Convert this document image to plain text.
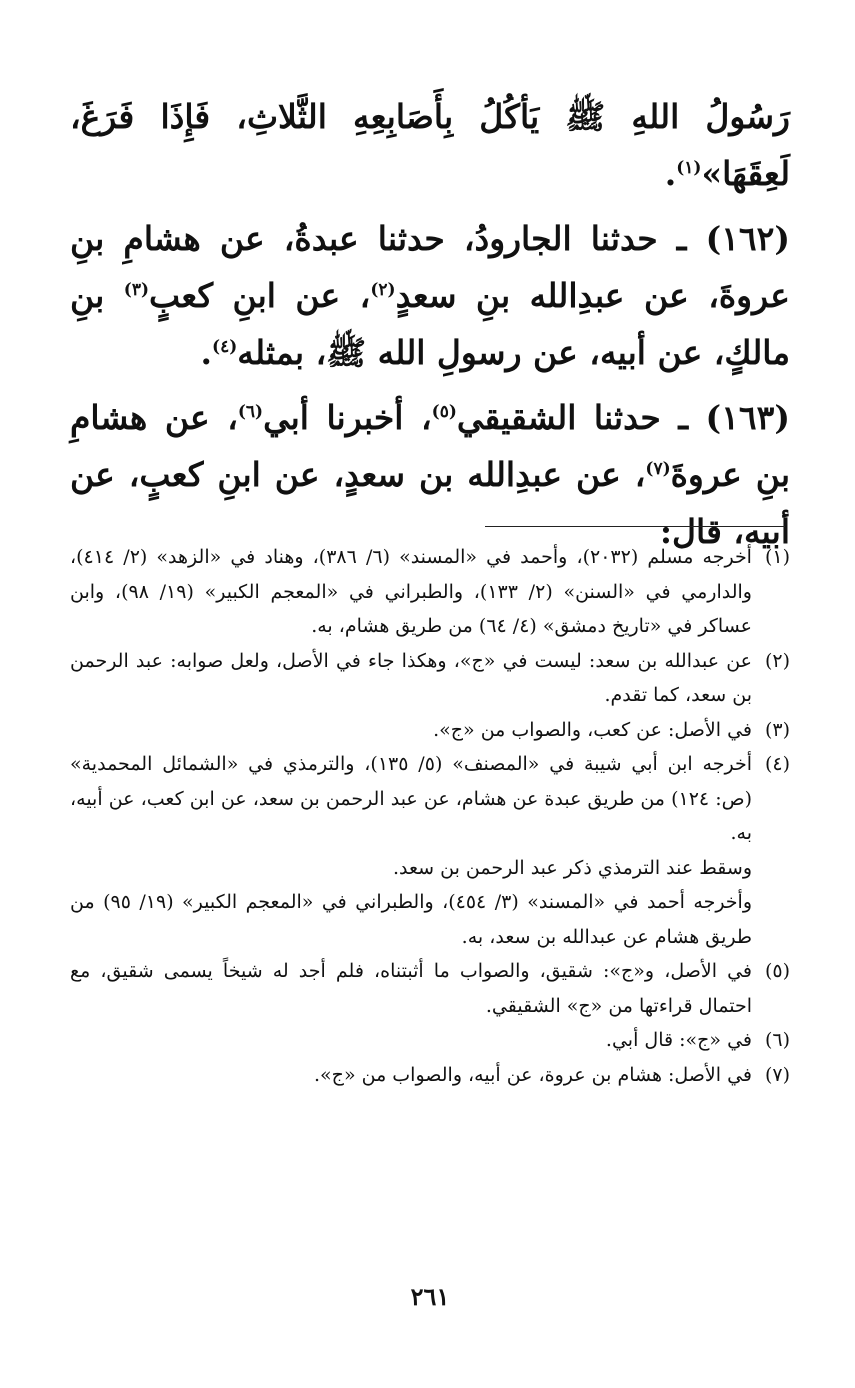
رَسُولُ اللهِ ﷺ يَأكُلُ بِأَصَابِعِهِ الثَّلاثِ، فَإِذَا فَرَغَ، لَعِقَهَا»$^{(١)}$.

(١٦٢) ـ حدثنا الجارودُ، حدثنا عبدةُ، عن هشامِ بنِ عروةَ، عن عبدِالله بنِ سعدٍ$^{(٢)}$، عن ابنِ كعبٍ$^{(٣)}$ بنِ مالكٍ، عن أبيه، عن رسولِ الله ﷺ، بمثله$^{(٤)}$.

(١٦٣) ـ حدثنا الشقيقي$^{(٥)}$، أخبرنا أبي$^{(٦)}$، عن هشامِ بنِ عروةَ$^{(٧)}$، عن عبدِالله بن سعدٍ، عن ابنِ كعبٍ، عن أبيه، قال:

(١)

أخرجه مسلم (٢٠٣٢)، وأحمد في «المسند» (٦/ ٣٨٦)، وهناد في «الزهد» (٢/ ٤١٤)، والدارمي في «السنن» (٢/ ١٣٣)، والطبراني في «المعجم الكبير» (١٩/ ٩٨)، وابن عساكر في «تاريخ دمشق» (٤/ ٦٤) من طريق هشام، به.

(٢)

عن عبدالله بن سعد: ليست في «ج»، وهكذا جاء في الأصل، ولعل صوابه: عبد الرحمن بن سعد، كما تقدم.

(٣)

في الأصل: عن كعب، والصواب من «ج».

(٤)

أخرجه ابن أبي شيبة في «المصنف» (٥/ ١٣٥)، والترمذي في «الشمائل المحمدية» (ص: ١٢٤) من طريق عبدة عن هشام، عن عبد الرحمن بن سعد، عن ابن كعب، عن أبيه، به.

وسقط عند الترمذي ذكر عبد الرحمن بن سعد.

وأخرجه أحمد في «المسند» (٣/ ٤٥٤)، والطبراني في «المعجم الكبير» (١٩/ ٩٥) من طريق هشام عن عبدالله بن سعد، به.

(٥)

في الأصل، و«ج»: شقيق، والصواب ما أثبتناه، فلم أجد له شيخاً يسمى شقيق، مع احتمال قراءتها من «ج» الشقيقي.

(٦)

في «ج»: قال أبي.

(٧)

في الأصل: هشام بن عروة، عن أبيه، والصواب من «ج».

٢٦١
